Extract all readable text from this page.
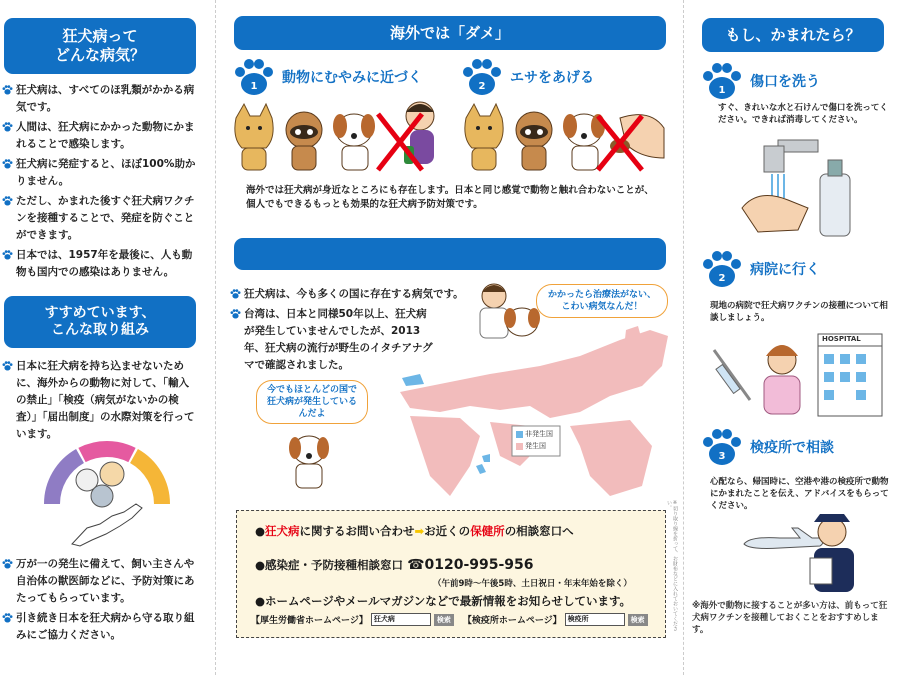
狂犬病って
どんな病気？
狂犬病は、すべてのほ乳類がかかる病気です。
人間は、狂犬病にかかった動物にかまれることで感染します。
狂犬病に発症すると、ほぼ100%助かりません。
ただし、かまれた後すぐ狂犬病ワクチンを接種することで、発症を防ぐことができます。
日本では、1957年を最後に、人も動物も国内での感染はありません。
すすめています、
こんな取り組み
日本に狂犬病を持ち込ませないために、海外からの動物に対して、「輸入の禁止」「検疫（病気がないかの検査）」「届出制度」の水際対策を行っています。
万が一の発生に備えて、飼い主さんや自治体の獣医師などに、予防対策にあたってもらっています。
引き続き日本を狂犬病から守る取り組みにご協力ください。
海外では「ダメ」
1
動物にむやみに近づく
2
エサをあげる
海外では狂犬病が身近なところにも存在します。日本と同じ感覚で動物と触れ合わないことが、個人でもできるもっとも効果的な狂犬病予防対策です。
狂犬病は、今も多くの国に存在する病気です。
台湾は、日本と同様50年以上、狂犬病が発生していませんでしたが、2013年、狂犬病の流行が野生のイタチアナグマで確認されました。
非発生国
発生国
かかったら治療法がない、こわい病気なんだ！
今でもほとんどの国で狂犬病が発生しているんだよ
●狂犬病に関するお問い合わせ➡お近くの保健所の相談窓口へ
●感染症・予防接種相談窓口 ☎0120-995-956
（午前9時～午後5時、土日祝日・年末年始を除く）
●ホームページやメールマガジンなどで最新情報をお知らせしています。
【厚生労働省ホームページ】 狂犬病	検索	【検疫所ホームページ】 検疫所	検索	※切り取り線を折って、お財布などに入れておいてください。
もし、かまれたら？
1
傷口を洗う
すぐ、きれいな水と石けんで傷口を洗ってください。できれば消毒してください。
2
病院に行く
現地の病院で狂犬病ワクチンの接種について相談しましょう。
HOSPITAL
3
検疫所で相談
心配なら、帰国時に、空港や港の検疫所で動物にかまれたことを伝え、アドバイスをもらってください。
※海外で動物に接することが多い方は、前もって狂犬病ワクチンを接種しておくことをおすすめします。
